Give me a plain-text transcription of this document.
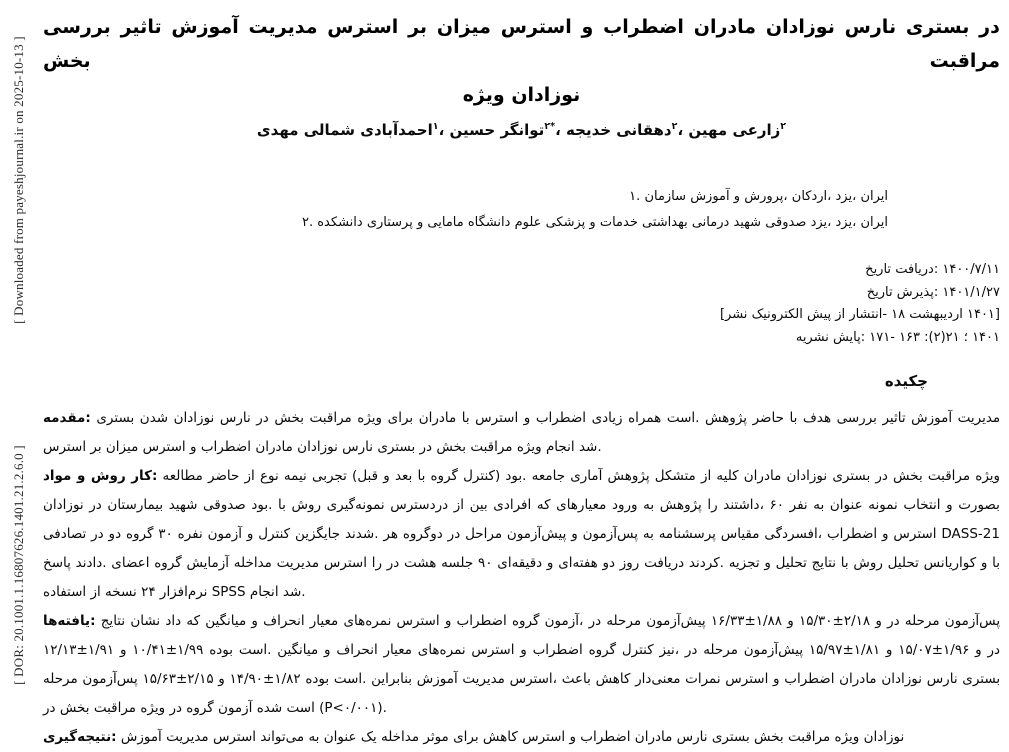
[ Downloaded from payeshjournal.ir on 2025-10-13 ]
[ DOR: 20.1001.1.16807626.1401.21.2.6.0 ]
بررسی تاثیر آموزش مدیریت استرس بر میزان استرس و اضطراب مادران نوزادان نارس بستری در بخش	مراقبت
ویژه نوزادان
مهدی شمالی احمدآبادی$^۱$، حسین توانگر$^{۲*}$، خدیجه دهقانی$^۲$، مهین زارعی$^۲$
۱. سازمان آموزش و پرورش، اردکان، یزد، ایران
۲. دانشکده پرستاری و مامایی دانشگاه علوم پزشکی و خدمات بهداشتی درمانی شهید صدوقی یزد، یزد، ایران
تاریخ دریافت: ۱۴۰۰/۷/۱۱
تاریخ پذیرش: ۱۴۰۱/۱/۲۷
[نشر الکترونیک پیش از انتشار- ۱۸ اردیبهشت ۱۴۰۱]
نشریه پایش: ۱۷۱- ۱۶۳ :(۲)۲۱ ؛ ۱۴۰۱
چکیده

مقدمه: بستری شدن نوزادان نارس در بخش مراقبت ویژه برای مادران با استرس و اضطراب زیادی همراه است. پژوهش حاضر با هدف بررسی تاثیر آموزش مدیریت استرس بر میزان استرس و اضطراب مادران نوزادان نارس بستری در بخش مراقبت ویژه انجام شد.

مواد و روش کار: مطالعه حاضر از نوع نیمه تجربی (قبل و بعد با گروه کنترل) بود. جامعه آماری پژوهش متشکل از کلیه مادران نوزادان بستری در بخش مراقبت ویژه نوزادان در بیمارستان شهید صدوقی بود. با روش نمونه‌گیری دردسترس از بین افرادی که معیارهای ورود به پژوهش را داشتند، ۶۰ نفر به عنوان نمونه انتخاب و بصورت تصادفی در دو گروه ۳۰ نفره آزمون و کنترل جایگزین شدند. هر دوگروه در مراحل پیش‌آزمون و پس‌آزمون به پرسشنامه مقیاس افسردگی، اضطراب و استرس DASS-21 پاسخ دادند. اعضای گروه آزمایش مداخله مدیریت استرس را در هشت جلسه ۹۰ دقیقه‌ای و هفته‌ای دو روز دریافت کردند. تجزیه و تحلیل نتایج با روش تحلیل کواریانس و با استفاده از نسخه ۲۴ نرم‌افزار SPSS انجام شد.

یافته‌ها: نتایج نشان داد که میانگین و انحراف معیار نمره‌های استرس و اضطراب گروه آزمون، در مرحله پیش‌آزمون ۱۶/۳۳±۱/۸۸ و ۱۵/۳۰±۲/۱۸ و در مرحله پس‌آزمون ۱۲/۱۳±۱/۹۱ و ۱۰/۴۱±۱/۹۹ بوده است. میانگین و انحراف معیار نمره‌های استرس و اضطراب گروه کنترل نیز، در مرحله پیش‌آزمون ۱۵/۹۷±۱/۸۱ و ۱۵/۰۷±۱/۹۶ و در مرحله پس‌آزمون ۱۵/۶۳±۲/۱۵ و ۱۴/۹۰±۱/۸۲ بوده است. بنابراین آموزش مدیریت استرس، باعث کاهش معنی‌دار نمرات استرس و اضطراب مادران نوزادان نارس بستری در بخش مراقبت ویژه در گروه آزمون شده است (P<۰/۰۰۱).

نتیجه‌گیری: آموزش مدیریت استرس می‌تواند به عنوان یک مداخله موثر برای کاهش استرس و اضطراب مادران نارس بستری بخش مراقبت ویژه نوزادان
